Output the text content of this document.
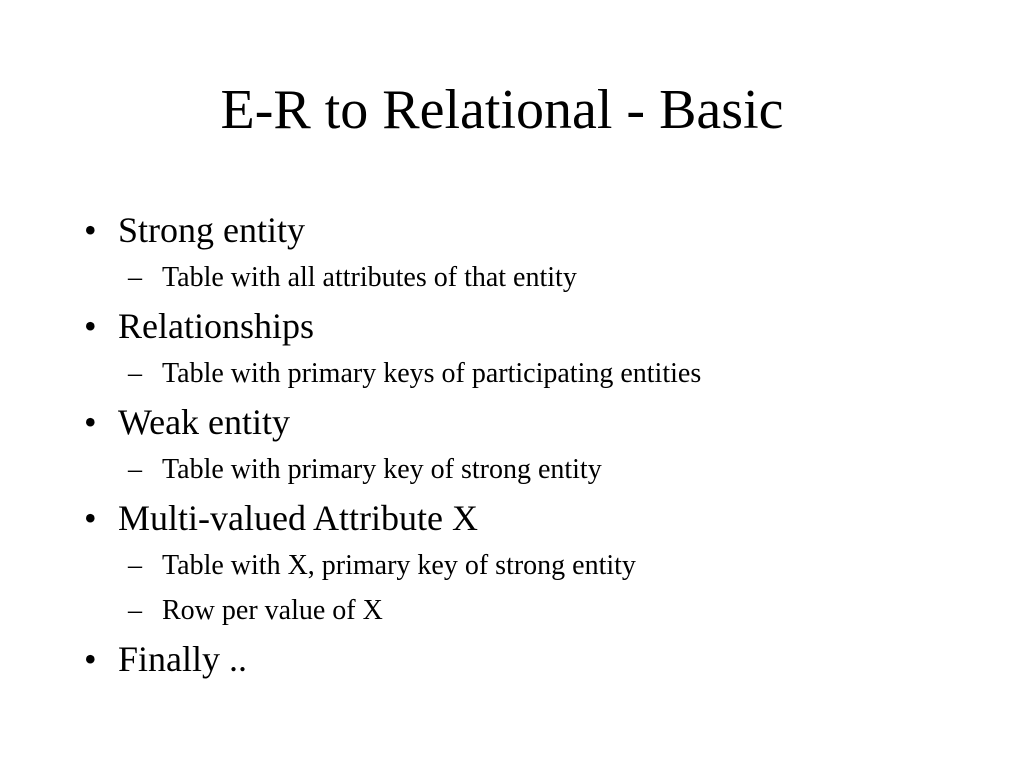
E-R to Relational - Basic
• Strong entity
– Table with all attributes of that entity
• Relationships
– Table with primary keys of participating entities
• Weak entity
– Table with primary key of strong entity
• Multi-valued Attribute X
– Table with X, primary key of strong entity
– Row per value of X
• Finally ..
